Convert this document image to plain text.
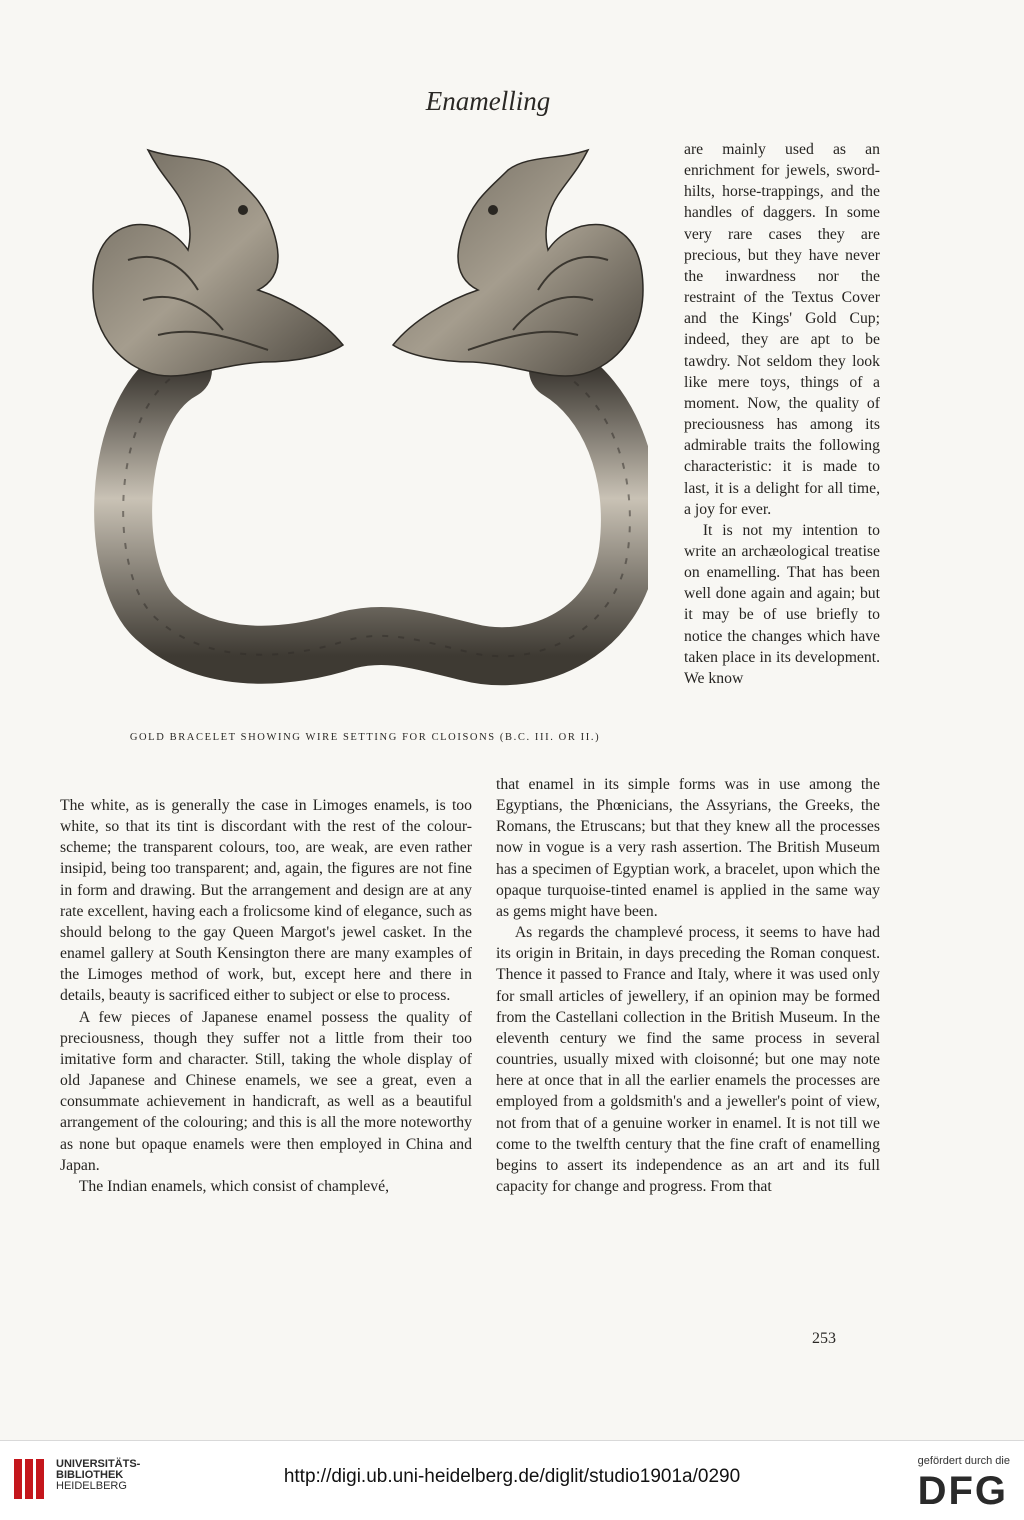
Enamelling
GOLD BRACELET SHOWING WIRE SETTING FOR CLOISONS (B.C. III. OR II.)

are mainly used as an enrichment for jewels, sword-hilts, horse-trappings, and the handles of daggers. In some very rare cases they are precious, but they have never the inwardness nor the restraint of the Textus Cover and the Kings' Gold Cup; indeed, they are apt to be tawdry. Not seldom they look like mere toys, things of a moment. Now, the quality of preciousness has among its admirable traits the following characteristic: it is made to last, it is a delight for all time, a joy for ever.

It is not my intention to write an archæological treatise on enamelling. That has been well done again and again; but it may be of use briefly to notice the changes which have taken place in its development. We know

The white, as is generally the case in Limoges enamels, is too white, so that its tint is discordant with the rest of the colour-scheme; the transparent colours, too, are weak, are even rather insipid, being too transparent; and, again, the figures are not fine in form and drawing. But the arrangement and design are at any rate excellent, having each a frolicsome kind of elegance, such as should belong to the gay Queen Margot's jewel casket. In the enamel gallery at South Kensington there are many examples of the Limoges method of work, but, except here and there in details, beauty is sacrificed either to subject or else to process.

A few pieces of Japanese enamel possess the quality of preciousness, though they suffer not a little from their too imitative form and character. Still, taking the whole display of old Japanese and Chinese enamels, we see a great, even a consummate achievement in handicraft, as well as a beautiful arrangement of the colouring; and this is all the more noteworthy as none but opaque enamels were then employed in China and Japan.

The Indian enamels, which consist of champlevé,

that enamel in its simple forms was in use among the Egyptians, the Phœnicians, the Assyrians, the Greeks, the Romans, the Etruscans; but that they knew all the processes now in vogue is a very rash assertion. The British Museum has a specimen of Egyptian work, a bracelet, upon which the opaque turquoise-tinted enamel is applied in the same way as gems might have been.

As regards the champlevé process, it seems to have had its origin in Britain, in days preceding the Roman conquest. Thence it passed to France and Italy, where it was used only for small articles of jewellery, if an opinion may be formed from the Castellani collection in the British Museum. In the eleventh century we find the same process in several countries, usually mixed with cloisonné; but one may note here at once that in all the earlier enamels the processes are employed from a goldsmith's and a jeweller's point of view, not from that of a genuine worker in enamel. It is not till we come to the twelfth century that the fine craft of enamelling begins to assert its independence as an art and its full capacity for change and progress. From that

253
UNIVERSITÄTS-
BIBLIOTHEK
HEIDELBERG	http://digi.ub.uni-heidelberg.de/diglit/studio1901a/0290
gefördert durch die
DFG
